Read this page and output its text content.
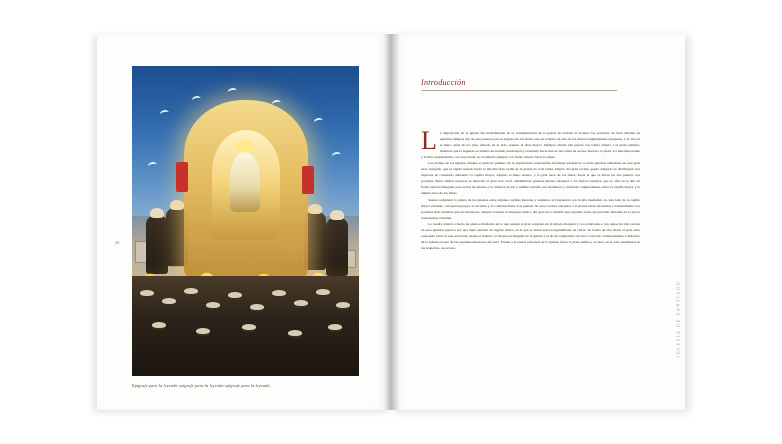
46
Epígrafe para la leyenda epígrafe para la leyenda epígrafe para la leyenda.
Introducción

La disposición de la iglesia fue determinante en la ornamentación de la puerta de entrada al levante: las portadas. Se bien existían en aquellos tiempos dos de esas puertas para el ingreso de los fieles: una en el muro de este de los muros longitudinales alargados, y la otra en el muro oeste de los pies, situado en el lado opuesto al altar mayor. Siempre existía una puerta con frente abierto a la plaza pública, mientras que la segunda se situaba en sentido transversal y orientada hacia una de las calles de acceso lateral a la plaza. La más importante y la más ornamentada, con su portada, se localizaba siempre con frente directo hacia la plaza.

Las plantas de las iglesias durante el periodo primero de la arquitectura renacentista moldeóje adoptaron: si estas galerías naharbóse en una gran nave alargada, que se siguió usando hasta la introducción tardía de la planta de cruz latina. Dentro del gran recinto quedó alargado se distribuyen dos espacios de contenido diferente: la capilla mayor, adjunto al muro testero, y la gran nave de los fieles, hacia la que se abren las dos puertas con portadas. Entre ambos espacios se intercala el gran arco toral, añadiéndose gruesos pilares adosados a los muros laterales, que se alza en lo alto en forma lateral triangular para servir de asiento a la cubierta de par y nudillo labrada con molduras y circulada conjuntamente sobre la capilla mayor y la amplia nave de los fieles.

Suelen completar la planta de las iglesias entre algunas capillas laterales y sumarios el baptisterio con la pila bautismal. A cada lado de la capilla mayor existían, con puerta propia, la sacristía y la contrasacristía. Las puertas de estos locales adosados a la planta están adornadas corrientemente con portadas más sencillas que las interiores, aunque vetustas al empaque básico del gran arco triunfal que organiza todas las portadas labradas en la época renacentista virreinal.

La cuadra abierta a modo de plaza eclesiástica en la que asienta el gran conjunto de la iglesia alargada y con ochavadas a dos aguas ha sido sacada en esos pueblos puestos por una tapia sencilla de regular altura, en la que se abren sesos longitudinales de cierre. Se forma de este modo el gran atrio ocupando sobre el que sobresale, desde el interior, el bloque rectangular de la iglesia y el de un campanario de torre colocado ordinariamente a distancia de la iglesia en una de las esquinas interiores del atrio. Frente a la puerta principal de la iglesia, hacia la plaza pública, se abra, en el atrio perimetral de las arquerías, un acceso.

IGLESIA DE SANTIAGO
